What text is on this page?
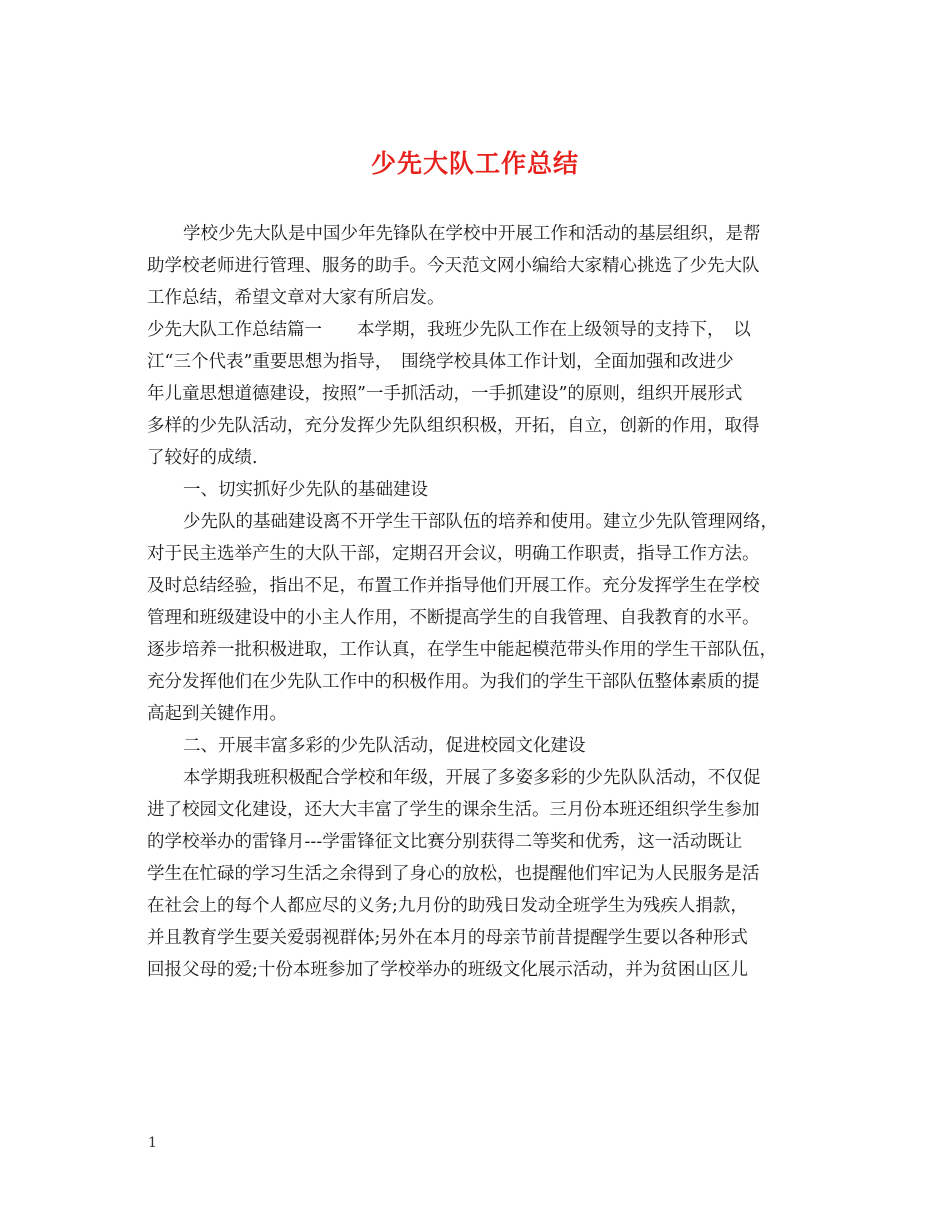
少先大队工作总结
学校少先大队是中国少年先锋队在学校中开展工作和活动的基层组织，是帮
助学校老师进行管理、服务的助手。今天范文网小编给大家精心挑选了少先大队
工作总结，希望文章对大家有所启发。
少先大队工作总结篇一　　本学期，我班少先队工作在上级领导的支持下，　以
江“三个代表”重要思想为指导，　围绕学校具体工作计划，全面加强和改进少
年儿童思想道德建设，按照”一手抓活动，一手抓建设”的原则，组织开展形式
多样的少先队活动，充分发挥少先队组织积极，开拓，自立，创新的作用，取得
了较好的成绩.
一、切实抓好少先队的基础建设
少先队的基础建设离不开学生干部队伍的培养和使用。建立少先队管理网络，
对于民主选举产生的大队干部，定期召开会议，明确工作职责，指导工作方法。
及时总结经验，指出不足，布置工作并指导他们开展工作。充分发挥学生在学校
管理和班级建设中的小主人作用，不断提高学生的自我管理、自我教育的水平。
逐步培养一批积极进取，工作认真，在学生中能起模范带头作用的学生干部队伍，
充分发挥他们在少先队工作中的积极作用。为我们的学生干部队伍整体素质的提
高起到关键作用。
二、开展丰富多彩的少先队活动，促进校园文化建设
本学期我班积极配合学校和年级，开展了多姿多彩的少先队队活动，不仅促
进了校园文化建设，还大大丰富了学生的课余生活。三月份本班还组织学生参加
的学校举办的雷锋月---学雷锋征文比赛分别获得二等奖和优秀，这一活动既让
学生在忙碌的学习生活之余得到了身心的放松，也提醒他们牢记为人民服务是活
在社会上的每个人都应尽的义务;九月份的助残日发动全班学生为残疾人捐款，
并且教育学生要关爱弱视群体;另外在本月的母亲节前昔提醒学生要以各种形式
回报父母的爱;十份本班参加了学校举办的班级文化展示活动，并为贫困山区儿
1
